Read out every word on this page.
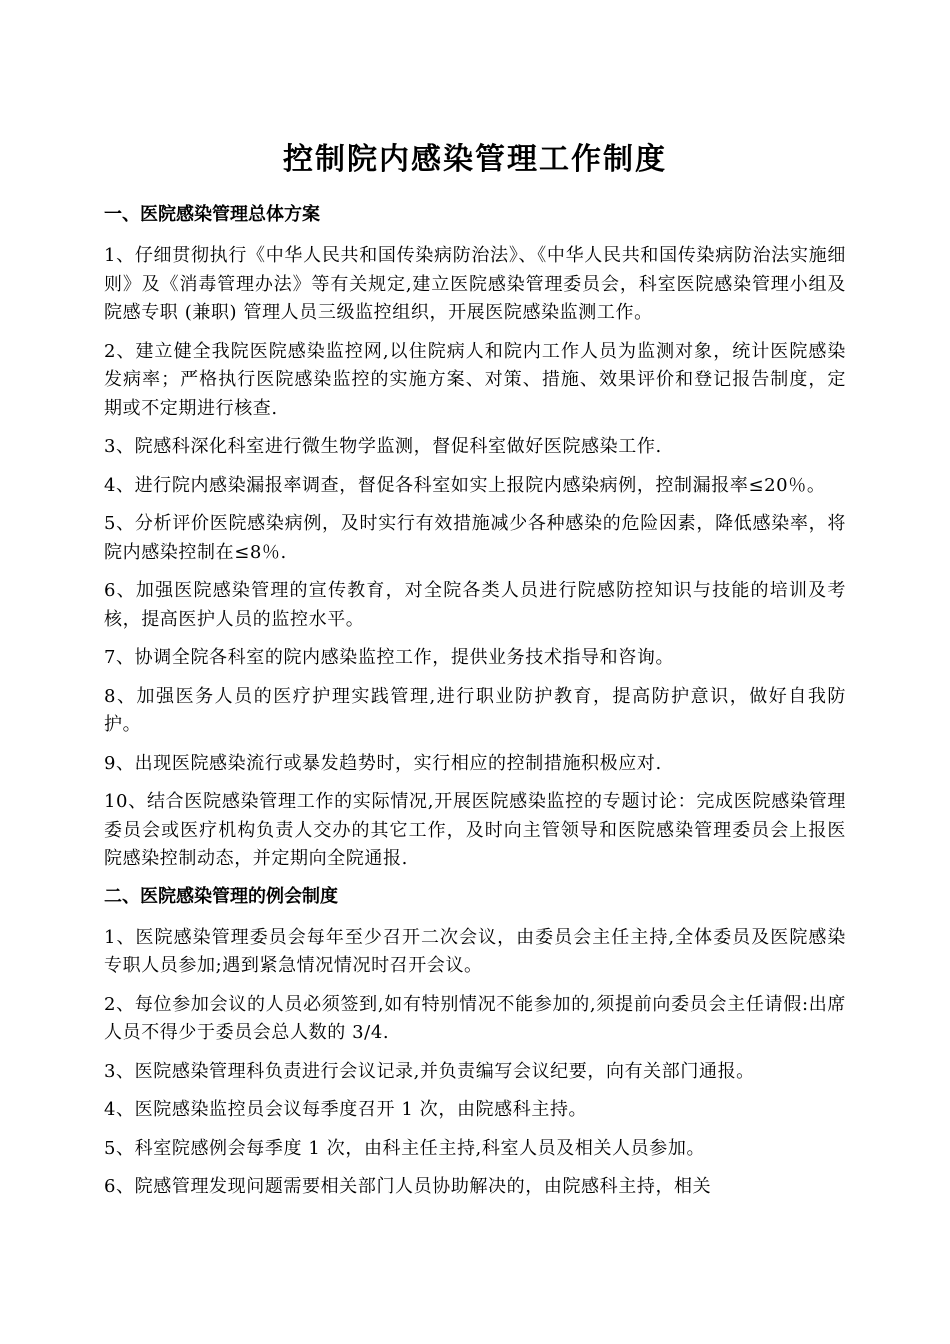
控制院内感染管理工作制度
一、医院感染管理总体方案

1、仔细贯彻执行《中华人民共和国传染病防治法》、《中华人民共和国传染病防治法实施细则》及《消毒管理办法》等有关规定,建立医院感染管理委员会，科室医院感染管理小组及院感专职 (兼职) 管理人员三级监控组织，开展医院感染监测工作。

2、建立健全我院医院感染监控网,以住院病人和院内工作人员为监测对象，统计医院感染发病率；严格执行医院感染监控的实施方案、对策、措施、效果评价和登记报告制度，定期或不定期进行核查.

3、院感科深化科室进行微生物学监测，督促科室做好医院感染工作.

4、进行院内感染漏报率调查，督促各科室如实上报院内感染病例，控制漏报率≤20％。

5、分析评价医院感染病例，及时实行有效措施减少各种感染的危险因素，降低感染率，将院内感染控制在≤8％.

6、加强医院感染管理的宣传教育，对全院各类人员进行院感防控知识与技能的培训及考核，提高医护人员的监控水平。

7、协调全院各科室的院内感染监控工作，提供业务技术指导和咨询。

8、加强医务人员的医疗护理实践管理,进行职业防护教育，提高防护意识，做好自我防护。

9、出现医院感染流行或暴发趋势时，实行相应的控制措施积极应对.

10、结合医院感染管理工作的实际情况,开展医院感染监控的专题讨论：完成医院感染管理委员会或医疗机构负责人交办的其它工作，及时向主管领导和医院感染管理委员会上报医院感染控制动态，并定期向全院通报.

二、医院感染管理的例会制度

1、医院感染管理委员会每年至少召开二次会议，由委员会主任主持,全体委员及医院感染专职人员参加;遇到紧急情况情况时召开会议。

2、每位参加会议的人员必须签到,如有特别情况不能参加的,须提前向委员会主任请假:出席人员不得少于委员会总人数的 3/4.

3、医院感染管理科负责进行会议记录,并负责编写会议纪要，向有关部门通报。

4、医院感染监控员会议每季度召开 1 次，由院感科主持。

5、科室院感例会每季度 1 次，由科主任主持,科室人员及相关人员参加。

6、院感管理发现问题需要相关部门人员协助解决的，由院感科主持，相关
